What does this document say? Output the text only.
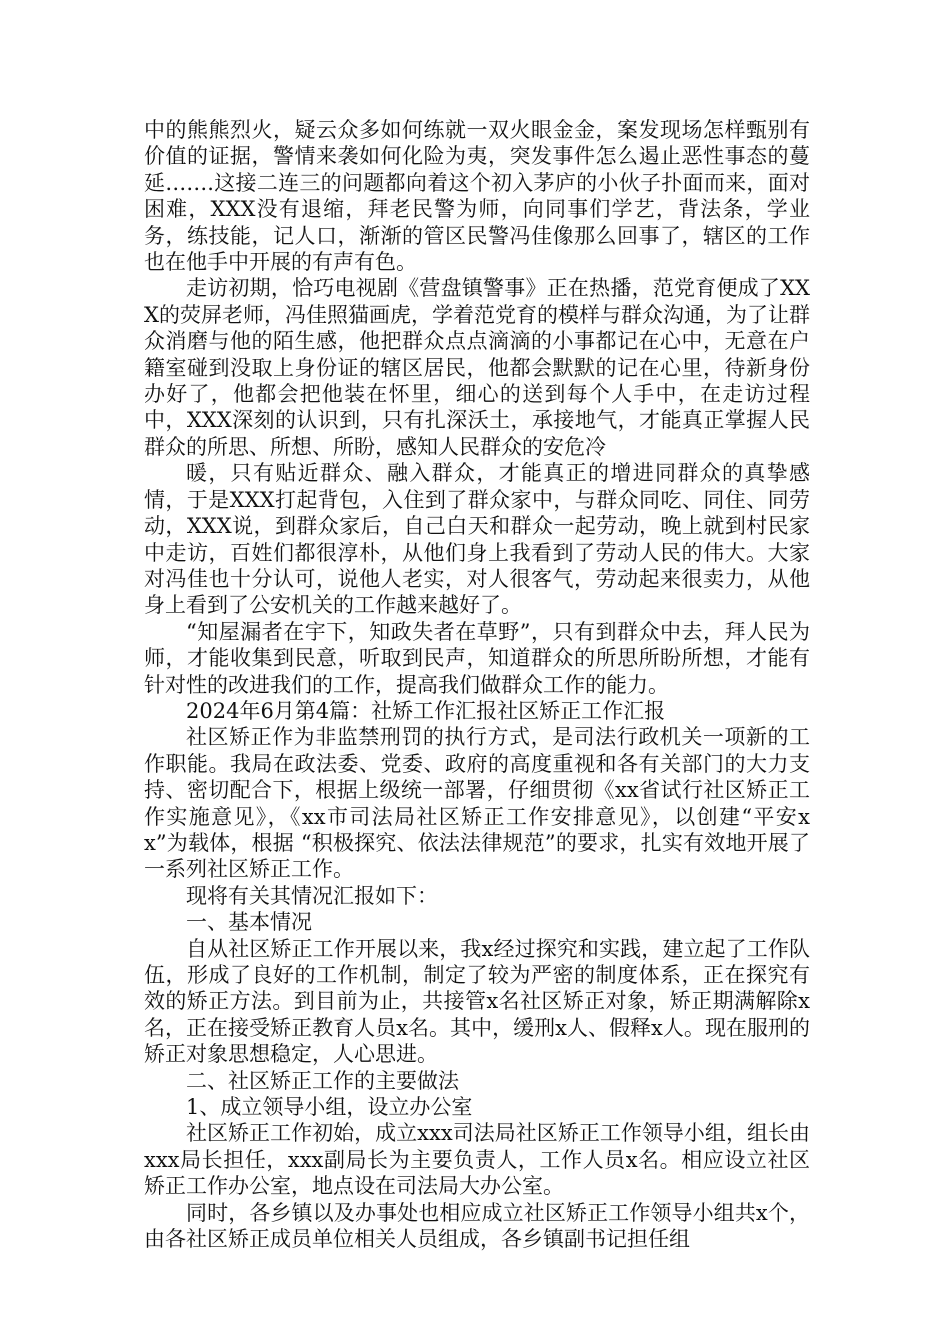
中的熊熊烈火，疑云众多如何练就一双火眼金金，案发现场怎样甄别有价值的证据，警情来袭如何化险为夷，突发事件怎么遏止恶性事态的蔓延…….这接二连三的问题都向着这个初入茅庐的小伙子扑面而来，面对困难，XXX没有退缩，拜老民警为师，向同事们学艺，背法条，学业务，练技能，记人口，渐渐的管区民警冯佳像那么回事了，辖区的工作也在他手中开展的有声有色。

走访初期，恰巧电视剧《营盘镇警事》正在热播，范党育便成了XXX的荧屏老师，冯佳照猫画虎，学着范党育的模样与群众沟通，为了让群众消磨与他的陌生感，他把群众点点滴滴的小事都记在心中，无意在户籍室碰到没取上身份证的辖区居民，他都会默默的记在心里，待新身份办好了，他都会把他装在怀里，细心的送到每个人手中，在走访过程中，XXX深刻的认识到，只有扎深沃土，承接地气，才能真正掌握人民群众的所思、所想、所盼，感知人民群众的安危冷

暖，只有贴近群众、融入群众，才能真正的增进同群众的真挚感情，于是XXX打起背包，入住到了群众家中，与群众同吃、同住、同劳动，XXX说，到群众家后，自己白天和群众一起劳动，晚上就到村民家中走访，百姓们都很淳朴，从他们身上我看到了劳动人民的伟大。大家对冯佳也十分认可，说他人老实，对人很客气，劳动起来很卖力，从他身上看到了公安机关的工作越来越好了。

“知屋漏者在宇下，知政失者在草野”，只有到群众中去，拜人民为师，才能收集到民意，听取到民声，知道群众的所思所盼所想，才能有针对性的改进我们的工作，提高我们做群众工作的能力。

2024年6月第4篇：社矫工作汇报社区矫正工作汇报

社区矫正作为非监禁刑罚的执行方式，是司法行政机关一项新的工作职能。我局在政法委、党委、政府的高度重视和各有关部门的大力支持、密切配合下，根据上级统一部署，仔细贯彻《xx省试行社区矫正工作实施意见》，《xx市司法局社区矫正工作安排意见》，以创建“平安xx”为载体，根据 “积极探究、依法法律规范”的要求，扎实有效地开展了一系列社区矫正工作。

现将有关其情况汇报如下：

一、基本情况

自从社区矫正工作开展以来，我x经过探究和实践，建立起了工作队伍，形成了良好的工作机制，制定了较为严密的制度体系，正在探究有效的矫正方法。到目前为止，共接管x名社区矫正对象，矫正期满解除x名，正在接受矫正教育人员x名。其中，缓刑x人、假释x人。现在服刑的矫正对象思想稳定，人心思进。

二、社区矫正工作的主要做法

1、成立领导小组，设立办公室

社区矫正工作初始，成立xxx司法局社区矫正工作领导小组，组长由xxx局长担任，xxx副局长为主要负责人，工作人员x名。相应设立社区矫正工作办公室，地点设在司法局大办公室。

同时，各乡镇以及办事处也相应成立社区矫正工作领导小组共x个，由各社区矫正成员单位相关人员组成，各乡镇副书记担任组
